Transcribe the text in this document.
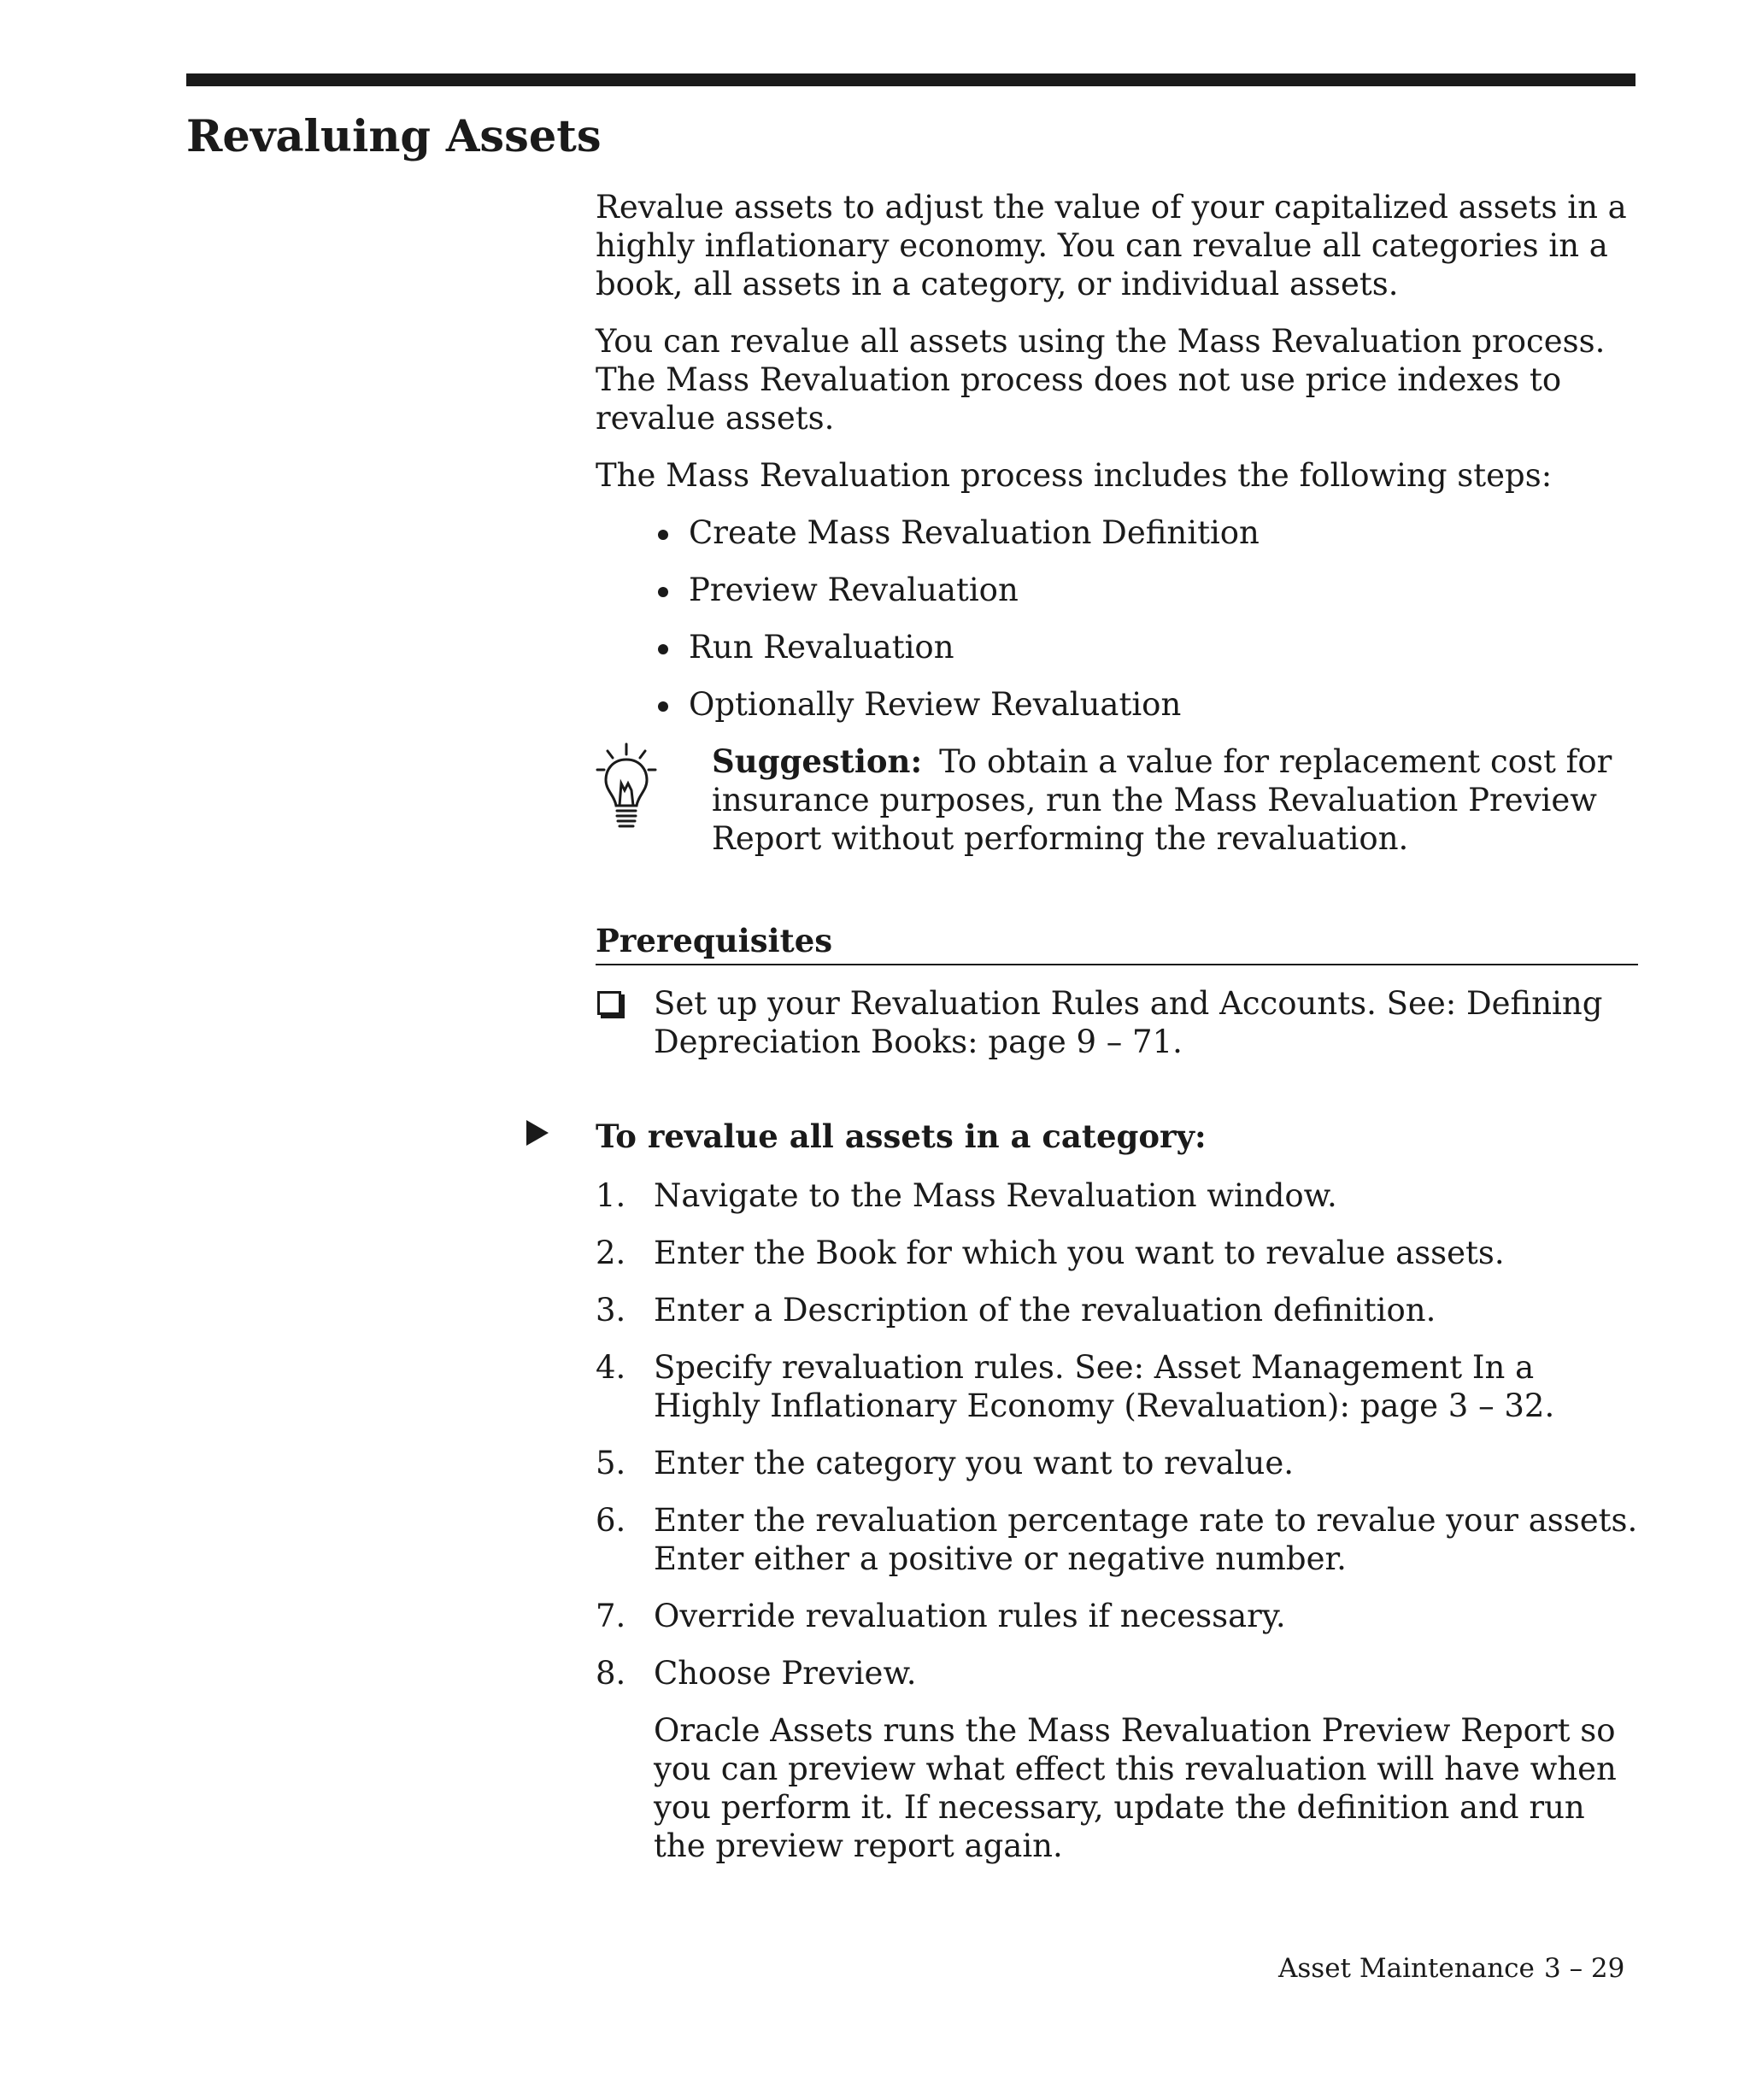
Revaluing Assets

Revalue assets to adjust the value of your capitalized assets in a highly inflationary economy. You can revalue all categories in a book, all assets in a category, or individual assets.

You can revalue all assets using the Mass Revaluation process. The Mass Revaluation process does not use price indexes to revalue assets.

The Mass Revaluation process includes the following steps:

Create Mass Revaluation Definition
Preview Revaluation
Run Revaluation
Optionally Review Revaluation

Suggestion: To obtain a value for replacement cost for insurance purposes, run the Mass Revaluation Preview Report without performing the revaluation.

Prerequisites
Set up your Revaluation Rules and Accounts. See: Defining Depreciation Books: page 9 – 71.
To revalue all assets in a category:
1. Navigate to the Mass Revaluation window.
2. Enter the Book for which you want to revalue assets.
3. Enter a Description of the revaluation definition.
4. Specify revaluation rules. See: Asset Management In a Highly Inflationary Economy (Revaluation): page 3 – 32.
5. Enter the category you want to revalue.
6. Enter the revaluation percentage rate to revalue your assets. Enter either a positive or negative number.
7. Override revaluation rules if necessary.
8. Choose Preview.

Oracle Assets runs the Mass Revaluation Preview Report so you can preview what effect this revaluation will have when you perform it. If necessary, update the definition and run the preview report again.

Asset Maintenance 3 – 29
